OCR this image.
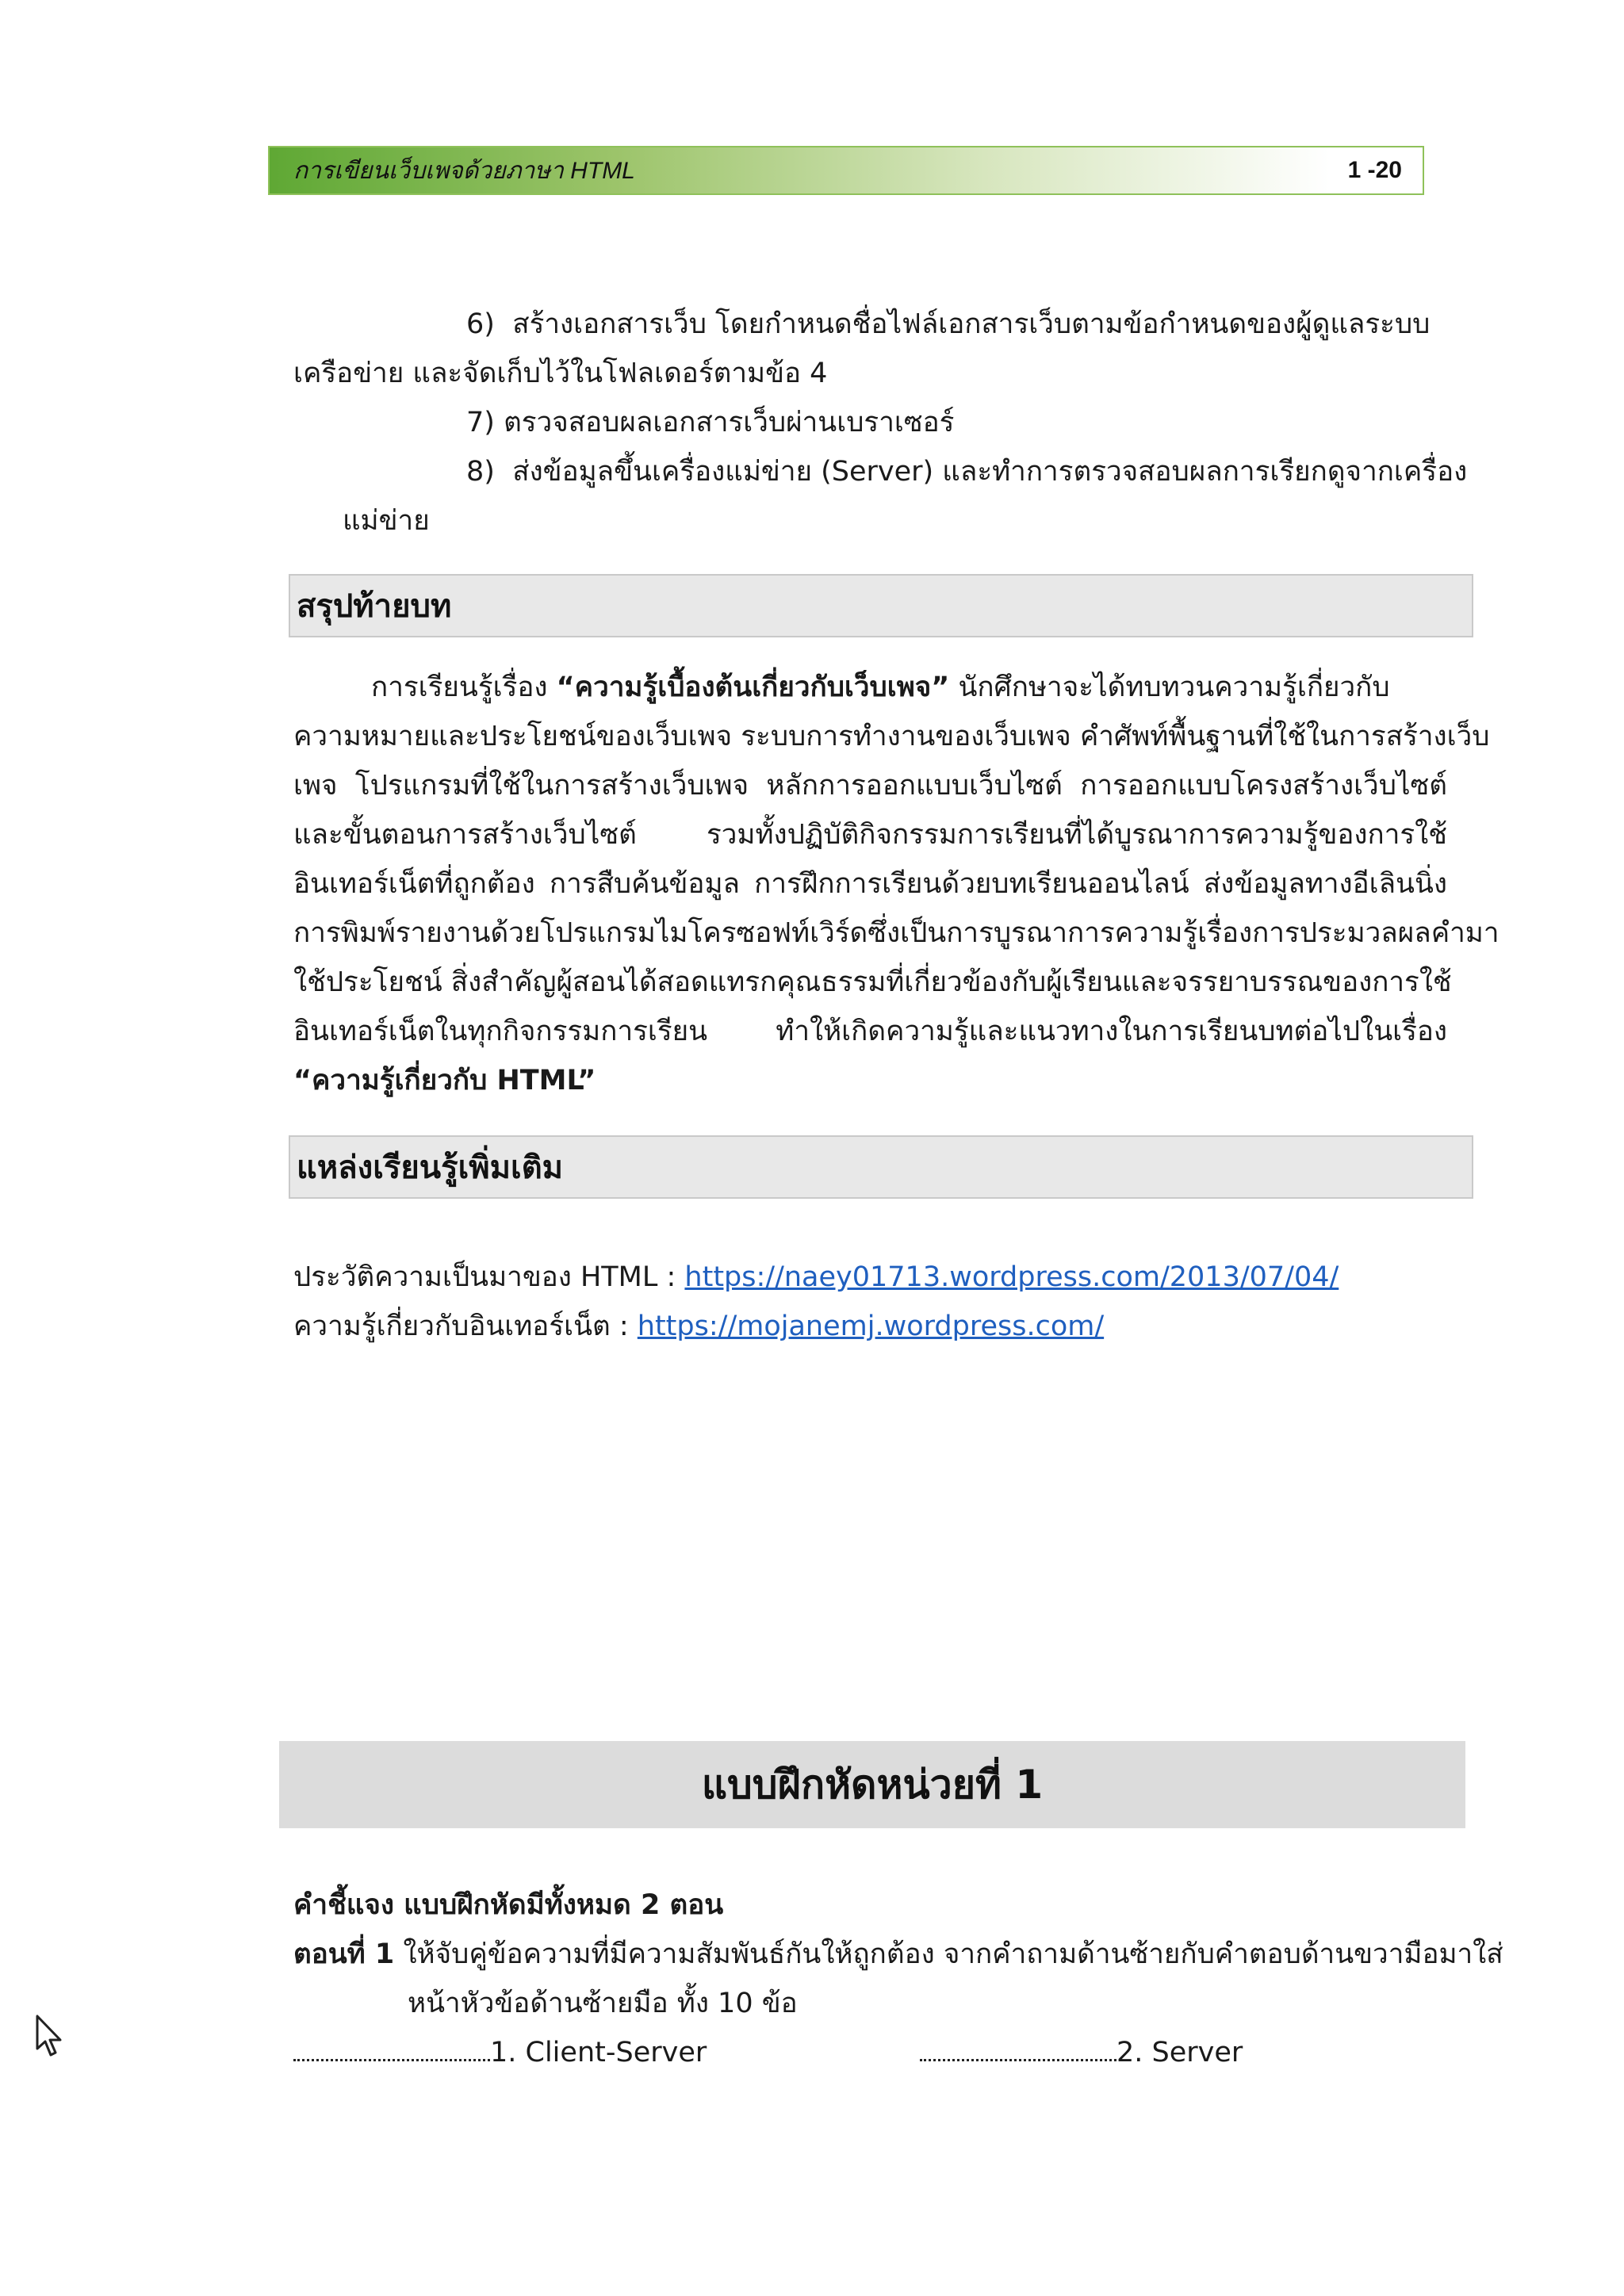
การเขียนเว็บเพจด้วยภาษา HTML	1 -20
6) สร้างเอกสารเว็บ โดยกำหนดชื่อไฟล์เอกสารเว็บตามข้อกำหนดของผู้ดูแลระบบ
เครือข่าย และจัดเก็บไว้ในโฟลเดอร์ตามข้อ 4
7) ตรวจสอบผลเอกสารเว็บผ่านเบราเซอร์
8) ส่งข้อมูลขึ้นเครื่องแม่ข่าย (Server) และทำการตรวจสอบผลการเรียกดูจากเครื่อง
แม่ข่าย
สรุปท้ายบท
การเรียนรู้เรื่อง “ความรู้เบื้องต้นเกี่ยวกับเว็บเพจ” นักศึกษาจะได้ทบทวนความรู้เกี่ยวกับ
ความหมายและประโยชน์ของเว็บเพจ ระบบการทำงานของเว็บเพจ คำศัพท์พื้นฐานที่ใช้ในการสร้างเว็บ
เพจ โปรแกรมที่ใช้ในการสร้างเว็บเพจ หลักการออกแบบเว็บไซต์ การออกแบบโครงสร้างเว็บไซต์
และขั้นตอนการสร้างเว็บไซต์ รวมทั้งปฏิบัติกิจกรรมการเรียนที่ได้บูรณาการความรู้ของการใช้
อินเทอร์เน็ตที่ถูกต้อง การสืบค้นข้อมูล การฝึกการเรียนด้วยบทเรียนออนไลน์ ส่งข้อมูลทางอีเลินนิ่ง
การพิมพ์รายงานด้วยโปรแกรมไมโครซอฟท์เวิร์ดซึ่งเป็นการบูรณาการความรู้เรื่องการประมวลผลคำมา
ใช้ประโยชน์ สิ่งสำคัญผู้สอนได้สอดแทรกคุณธรรมที่เกี่ยวข้องกับผู้เรียนและจรรยาบรรณของการใช้
อินเทอร์เน็ตในทุกกิจกรรมการเรียน ทำให้เกิดความรู้และแนวทางในการเรียนบทต่อไปในเรื่อง
“ความรู้เกี่ยวกับ HTML”
แหล่งเรียนรู้เพิ่มเติม
ประวัติความเป็นมาของ HTML : https://naey01713.wordpress.com/2013/07/04/
ความรู้เกี่ยวกับอินเทอร์เน็ต : https://mojanemj.wordpress.com/
แบบฝึกหัดหน่วยที่ 1
คำชี้แจง แบบฝึกหัดมีทั้งหมด 2 ตอน
ตอนที่ 1 ให้จับคู่ข้อความที่มีความสัมพันธ์กันให้ถูกต้อง จากคำถามด้านซ้ายกับคำตอบด้านขวามือมาใส่
หน้าหัวข้อด้านซ้ายมือ ทั้ง 10 ข้อ
1. Client-Server	2. Server
